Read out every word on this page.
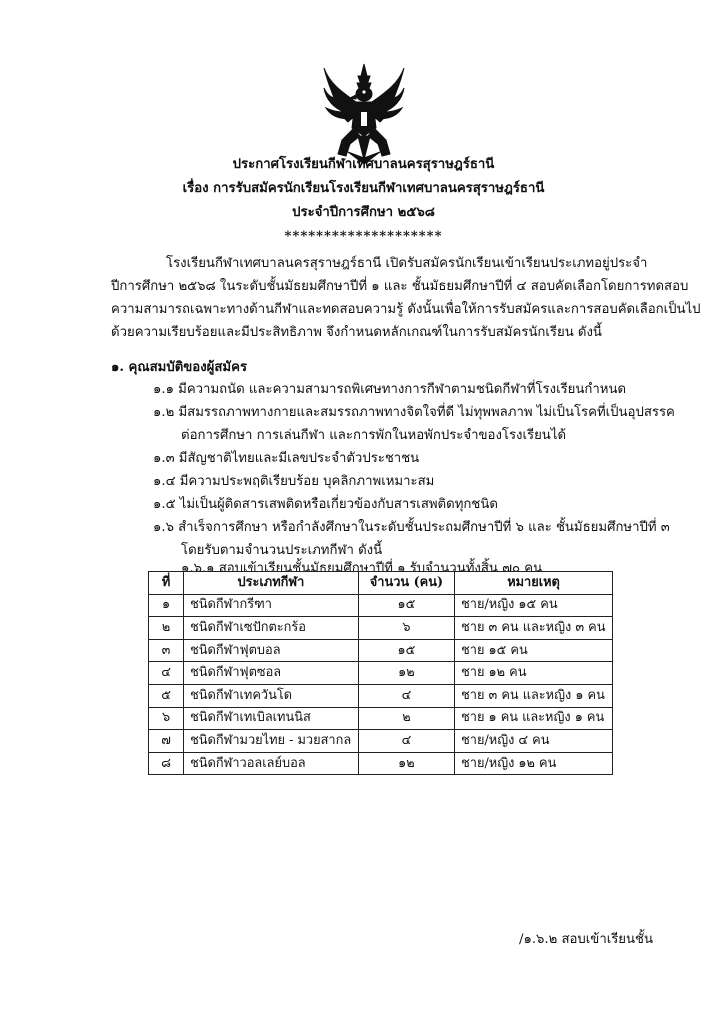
ประกาศโรงเรียนกีฬาเทศบาลนครสุราษฎร์ธานี
เรื่อง การรับสมัครนักเรียนโรงเรียนกีฬาเทศบาลนครสุราษฎร์ธานี
ประจำปีการศึกษา ๒๕๖๘
********************
โรงเรียนกีฬาเทศบาลนครสุราษฎร์ธานี เปิดรับสมัครนักเรียนเข้าเรียนประเภทอยู่ประจำ
ปีการศึกษา ๒๕๖๘ ในระดับชั้นมัธยมศึกษาปีที่ ๑ และ ชั้นมัธยมศึกษาปีที่ ๔ สอบคัดเลือกโดยการทดสอบ
ความสามารถเฉพาะทางด้านกีฬาและทดสอบความรู้ ดังนั้นเพื่อให้การรับสมัครและการสอบคัดเลือกเป็นไป
ด้วยความเรียบร้อยและมีประสิทธิภาพ จึงกำหนดหลักเกณฑ์ในการรับสมัครนักเรียน ดังนี้
๑. คุณสมบัติของผู้สมัคร
๑.๑ มีความถนัด และความสามารถพิเศษทางการกีฬาตามชนิดกีฬาที่โรงเรียนกำหนด
๑.๒ มีสมรรถภาพทางกายและสมรรถภาพทางจิตใจที่ดี ไม่ทุพพลภาพ ไม่เป็นโรคที่เป็นอุปสรรค
ต่อการศึกษา การเล่นกีฬา และการพักในหอพักประจำของโรงเรียนได้
๑.๓ มีสัญชาติไทยและมีเลขประจำตัวประชาชน
๑.๔ มีความประพฤติเรียบร้อย บุคลิกภาพเหมาะสม
๑.๕ ไม่เป็นผู้ติดสารเสพติดหรือเกี่ยวข้องกับสารเสพติดทุกชนิด
๑.๖ สำเร็จการศึกษา หรือกำลังศึกษาในระดับชั้นประถมศึกษาปีที่ ๖ และ ชั้นมัธยมศึกษาปีที่ ๓
โดยรับตามจำนวนประเภทกีฬา ดังนี้
๑.๖.๑ สอบเข้าเรียนชั้นมัธยมศึกษาปีที่ ๑ รับจำนวนทั้งสิ้น ๗๐ คน
ที่	ประเภทกีฬา	จำนวน (คน)	หมายเหตุ
๑	ชนิดกีฬากรีฑา	๑๕	ชาย/หญิง ๑๕ คน
๒	ชนิดกีฬาเซปักตะกร้อ	๖	ชาย ๓ คน และหญิง ๓ คน
๓	ชนิดกีฬาฟุตบอล	๑๕	ชาย ๑๕ คน
๔	ชนิดกีฬาฟุตซอล	๑๒	ชาย ๑๒ คน
๕	ชนิดกีฬาเทควันโด	๔	ชาย ๓ คน และหญิง ๑ คน
๖	ชนิดกีฬาเทเบิลเทนนิส	๒	ชาย ๑ คน และหญิง ๑ คน
๗	ชนิดกีฬามวยไทย - มวยสากล	๔	ชาย/หญิง ๔ คน
๘	ชนิดกีฬาวอลเลย์บอล	๑๒	ชาย/หญิง ๑๒ คน
/๑.๖.๒ สอบเข้าเรียนชั้น
